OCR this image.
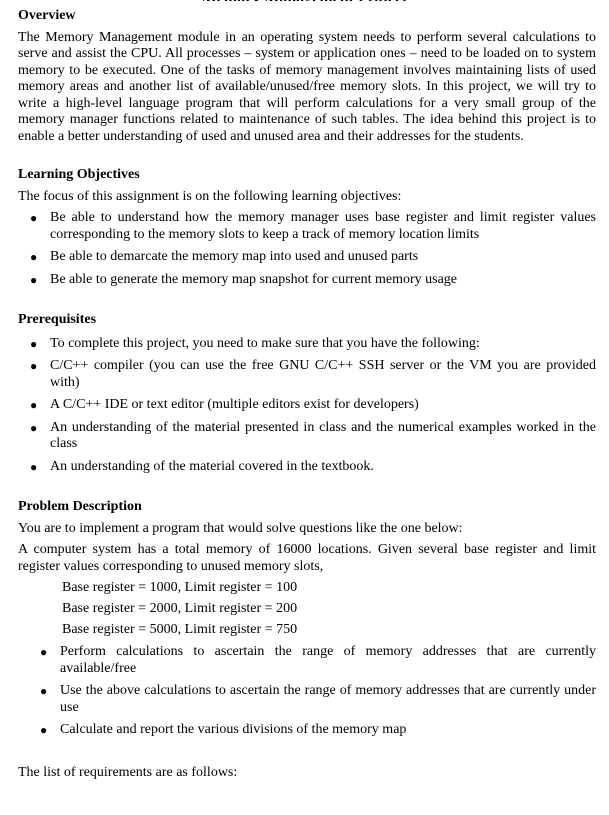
Overview

The Memory Management module in an operating system needs to perform several calculations to serve and assist the CPU. All processes – system or application ones – need to be loaded on to system memory to be executed. One of the tasks of memory management involves maintaining lists of used memory areas and another list of available/unused/free memory slots. In this project, we will try to write a high-level language program that will perform calculations for a very small group of the memory manager functions related to maintenance of such tables. The idea behind this project is to enable a better understanding of used and unused area and their addresses for the students.

Learning Objectives

The focus of this assignment is on the following learning objectives:

● Be able to understand how the memory manager uses base register and limit register values corresponding to the memory slots to keep a track of memory location limits
● Be able to demarcate the memory map into used and unused parts
● Be able to generate the memory map snapshot for current memory usage
Prerequisites
● To complete this project, you need to make sure that you have the following:
● C/C++ compiler (you can use the free GNU C/C++ SSH server or the VM you are provided with)
● A C/C++ IDE or text editor (multiple editors exist for developers)
● An understanding of the material presented in class and the numerical examples worked in the class
● An understanding of the material covered in the textbook.
Problem Description

You are to implement a program that would solve questions like the one below:

A computer system has a total memory of 16000 locations. Given several base register and limit register values corresponding to unused memory slots,

Base register = 1000, Limit register = 100
Base register = 2000, Limit register = 200
Base register = 5000, Limit register = 750
● Perform calculations to ascertain the range of memory addresses that are currently available/free
● Use the above calculations to ascertain the range of memory addresses that are currently under use
● Calculate and report the various divisions of the memory map

The list of requirements are as follows:
